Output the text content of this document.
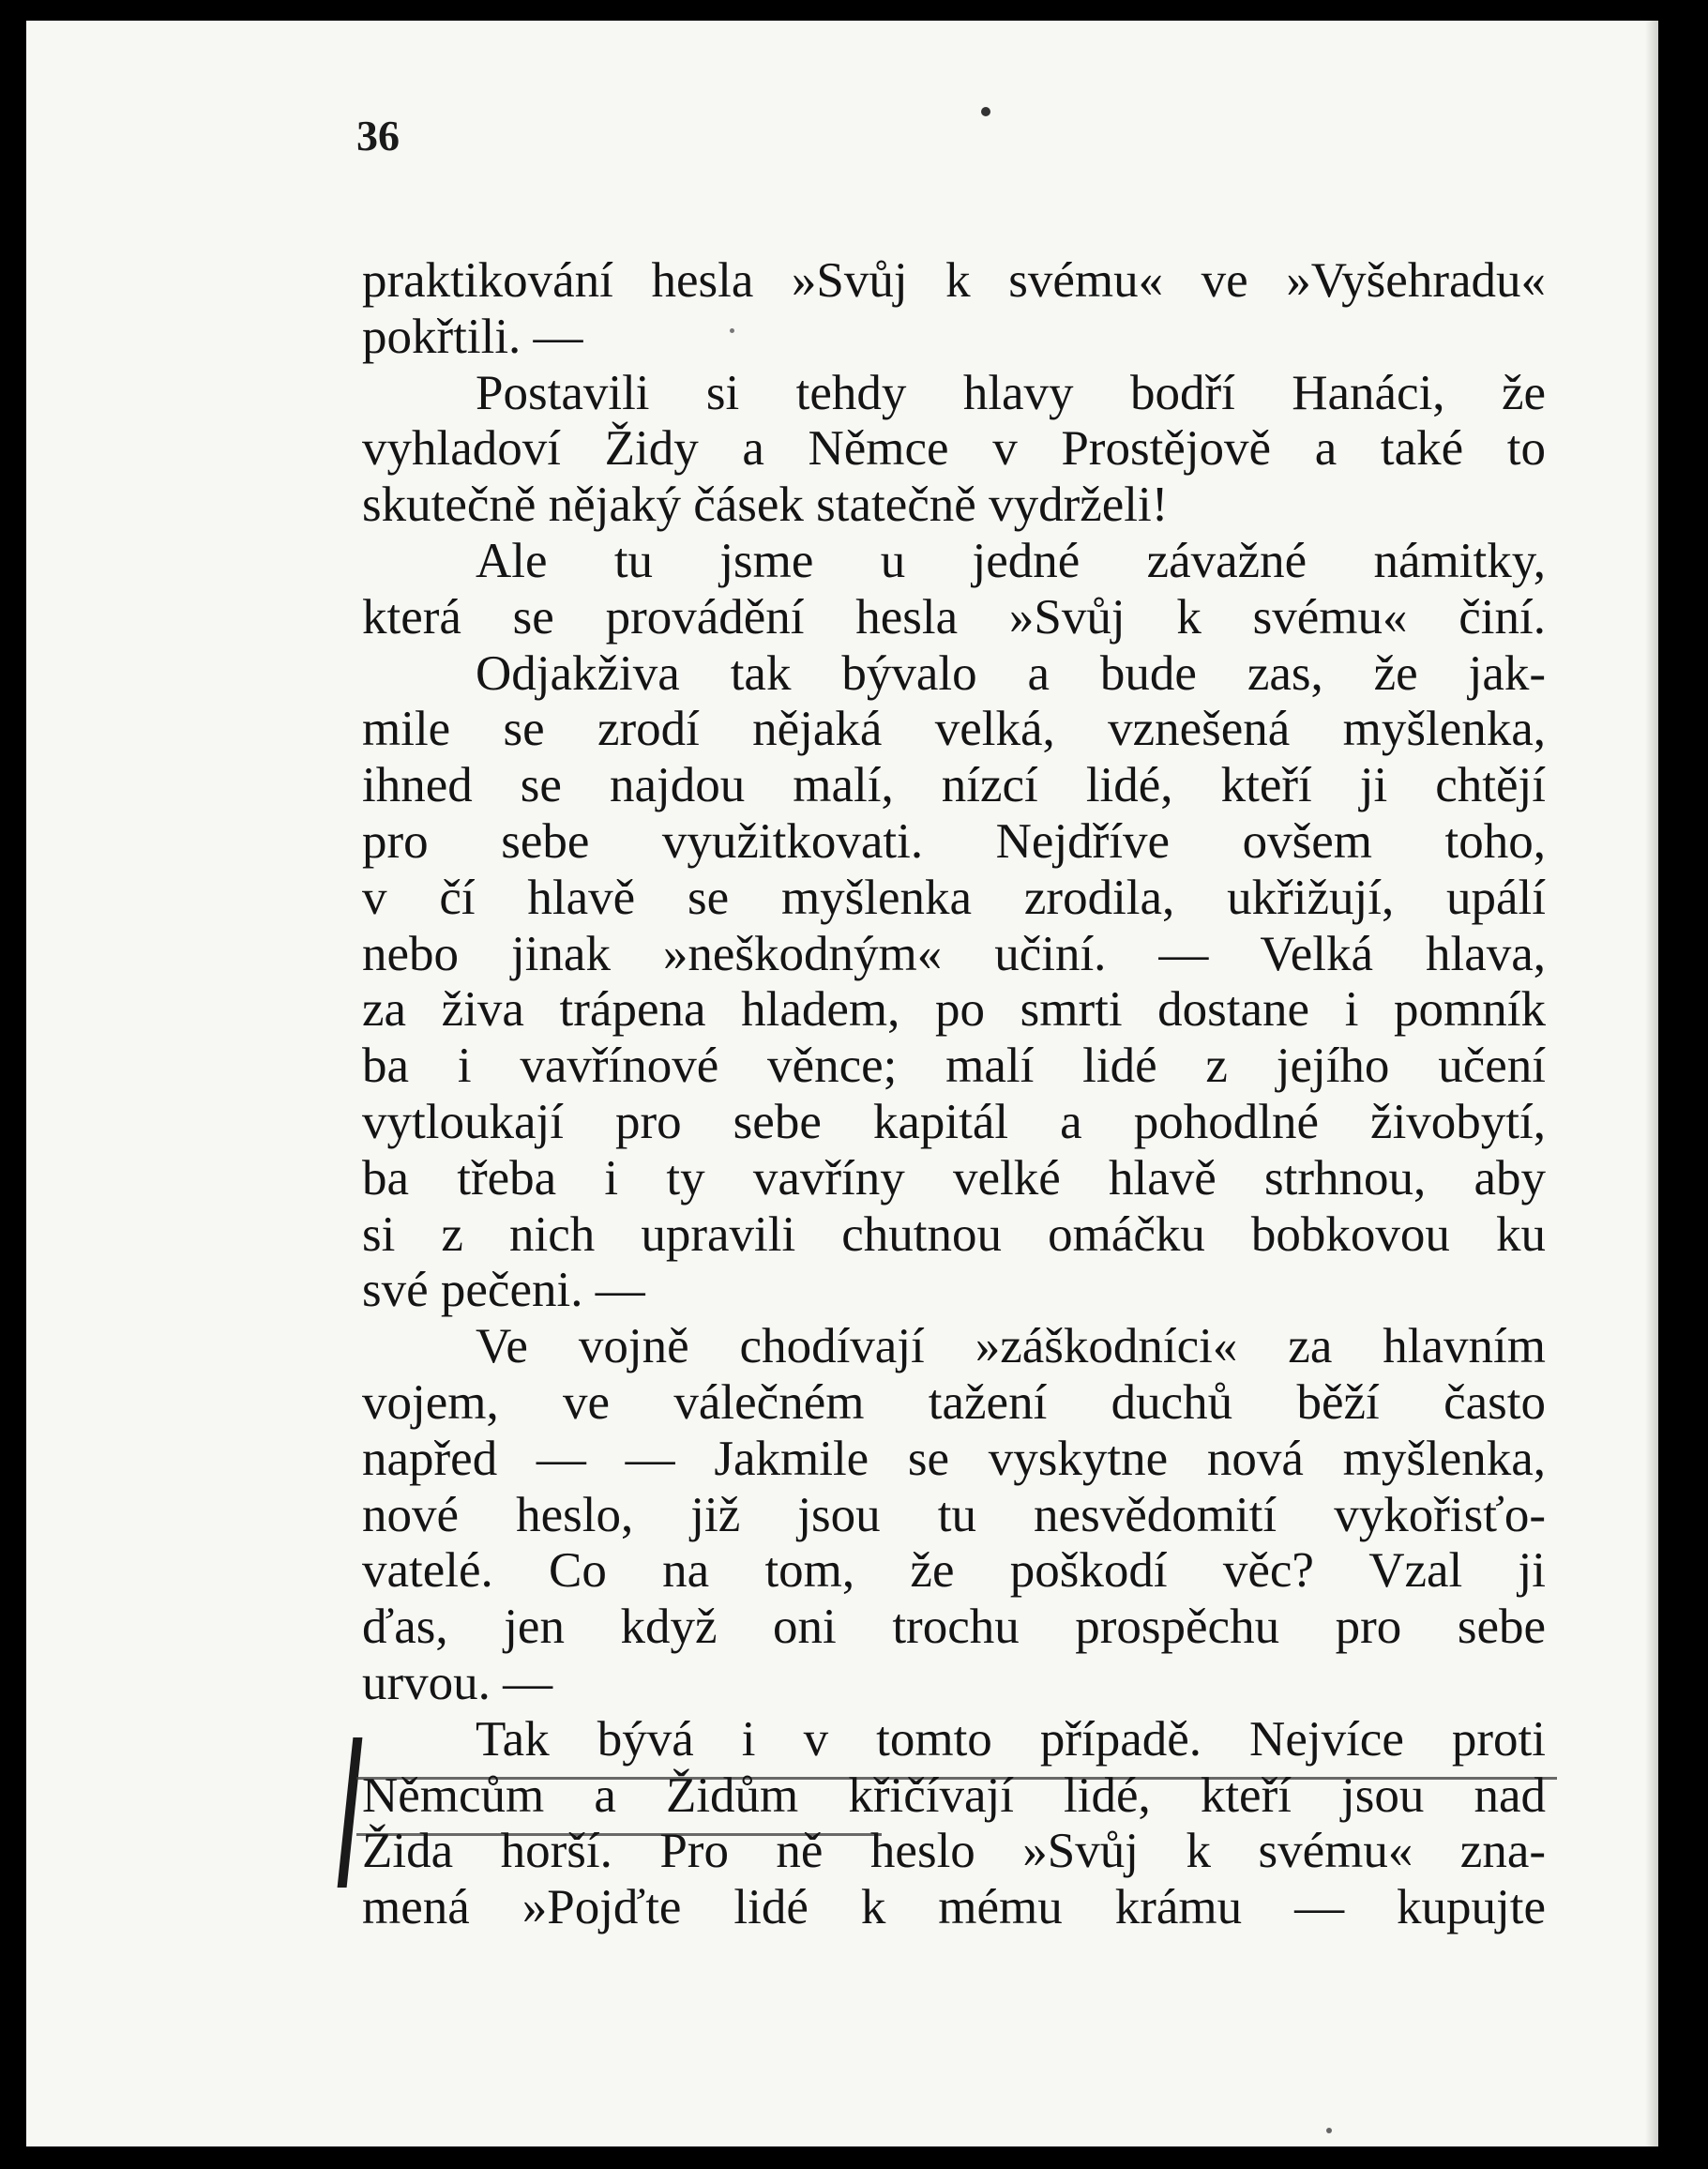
36

praktikování hesla »Svůj k svému« ve »Vyšehradu«

pokřtili. —

Postavili si tehdy hlavy bodří Hanáci, že

vyhladoví Židy a Němce v Prostějově a také to

skutečně nějaký čásek statečně vydrželi!

Ale tu jsme u jedné závažné námitky,

která se provádění hesla »Svůj k svému« činí.

Odjakživa tak bývalo a bude zas, že jak-

mile se zrodí nějaká velká, vznešená myšlenka,

ihned se najdou malí, nízcí lidé, kteří ji chtějí

pro sebe využitkovati. Nejdříve ovšem toho,

v čí hlavě se myšlenka zrodila, ukřižují, upálí

nebo jinak »neškodným« učiní. — Velká hlava,

za živa trápena hladem, po smrti dostane i pomník

ba i vavřínové věnce; malí lidé z jejího učení

vytloukají pro sebe kapitál a pohodlné živobytí,

ba třeba i ty vavříny velké hlavě strhnou, aby

si z nich upravili chutnou omáčku bobkovou ku

své pečeni. —

Ve vojně chodívají »záškodníci« za hlavním

vojem, ve válečném tažení duchů běží často

napřed — — Jakmile se vyskytne nová myšlenka,

nové heslo, již jsou tu nesvědomití vykořisťo-

vatelé. Co na tom, že poškodí věc? Vzal ji

ďas, jen když oni trochu prospěchu pro sebe

urvou. —

Tak bývá i v tomto případě. Nejvíce proti

Němcům a Židům křičívají lidé, kteří jsou nad

Žida horší. Pro ně heslo »Svůj k svému« zna-

mená »Pojďte lidé k mému krámu — kupujte
